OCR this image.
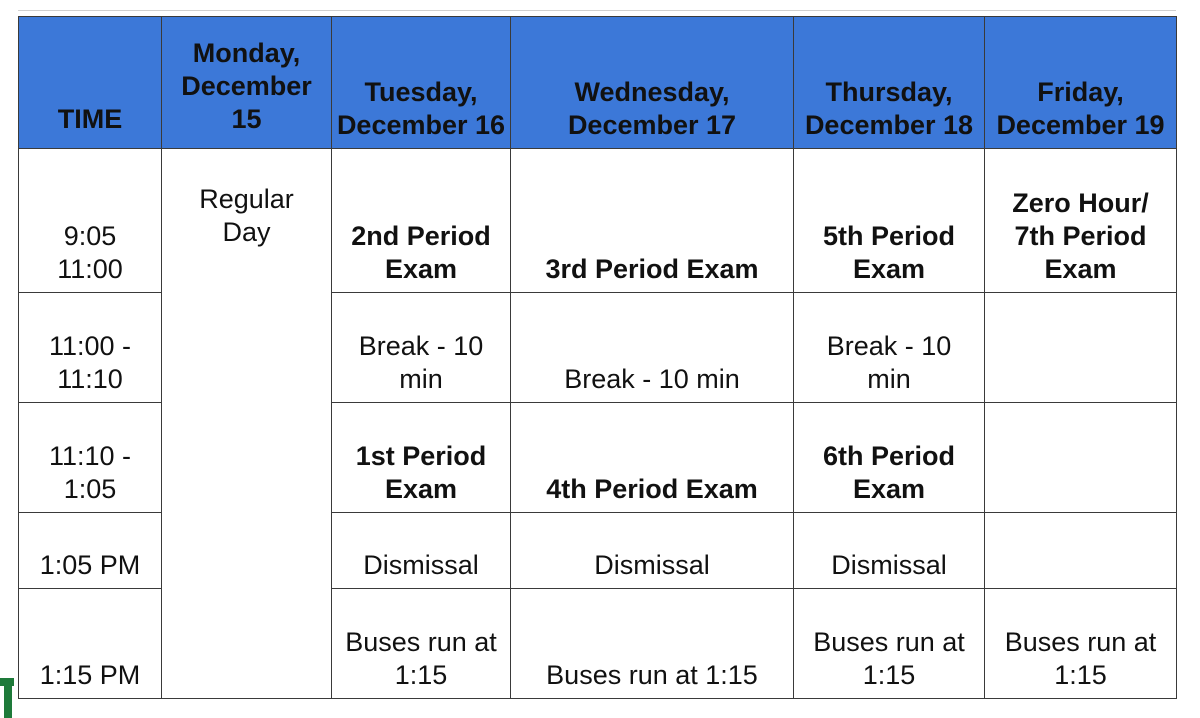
TIME	Monday, December 15	Tuesday, December 16	Wednesday, December 17	Thursday, December 18	Friday, December 19
9:05 11:00	Regular Day	2nd Period Exam	3rd Period Exam	5th Period Exam	Zero Hour/ 7th Period Exam
11:00 - 11:10		Break - 10 min	Break - 10 min	Break - 10 min	
11:10 - 1:05		1st Period Exam	4th Period Exam	6th Period Exam	
1:05 PM		Dismissal	Dismissal	Dismissal	
1:15 PM		Buses run at 1:15	Buses run at 1:15	Buses run at 1:15	Buses run at 1:15
